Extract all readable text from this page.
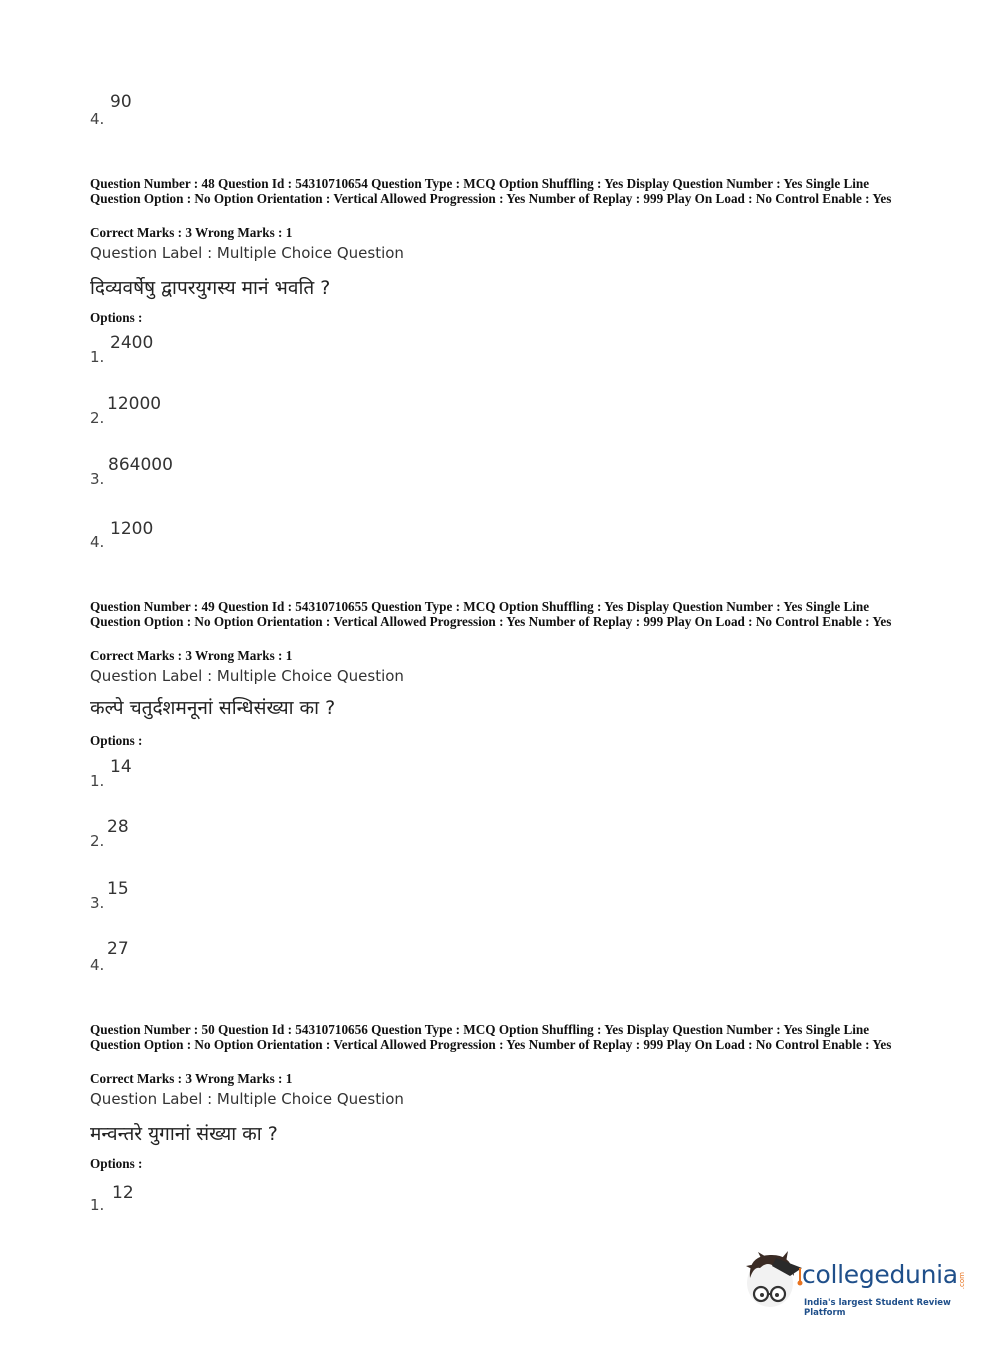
4.
90
Question Number : 48 Question Id : 54310710654 Question Type : MCQ Option Shuffling : Yes Display Question Number : Yes Single Line Question Option : No Option Orientation : Vertical Allowed Progression : Yes Number of Replay : 999 Play On Load : No Control Enable : Yes
Correct Marks : 3 Wrong Marks : 1
Question Label : Multiple Choice Question
दिव्यवर्षेषु द्वापरयुगस्य मानं भवति ?
Options :
1.
2400
2.
12000
3.
864000
4.
1200
Question Number : 49 Question Id : 54310710655 Question Type : MCQ Option Shuffling : Yes Display Question Number : Yes Single Line Question Option : No Option Orientation : Vertical Allowed Progression : Yes Number of Replay : 999 Play On Load : No Control Enable : Yes
Correct Marks : 3 Wrong Marks : 1
Question Label : Multiple Choice Question
कल्पे चतुर्दशमनूनां सन्धिसंख्या का ?
Options :
1.
14
2.
28
3.
15
4.
27
Question Number : 50 Question Id : 54310710656 Question Type : MCQ Option Shuffling : Yes Display Question Number : Yes Single Line Question Option : No Option Orientation : Vertical Allowed Progression : Yes Number of Replay : 999 Play On Load : No Control Enable : Yes
Correct Marks : 3 Wrong Marks : 1
Question Label : Multiple Choice Question
मन्वन्तरे युगानां संख्या का ?
Options :
1.
12
collegedunia .com
India's largest Student Review Platform
